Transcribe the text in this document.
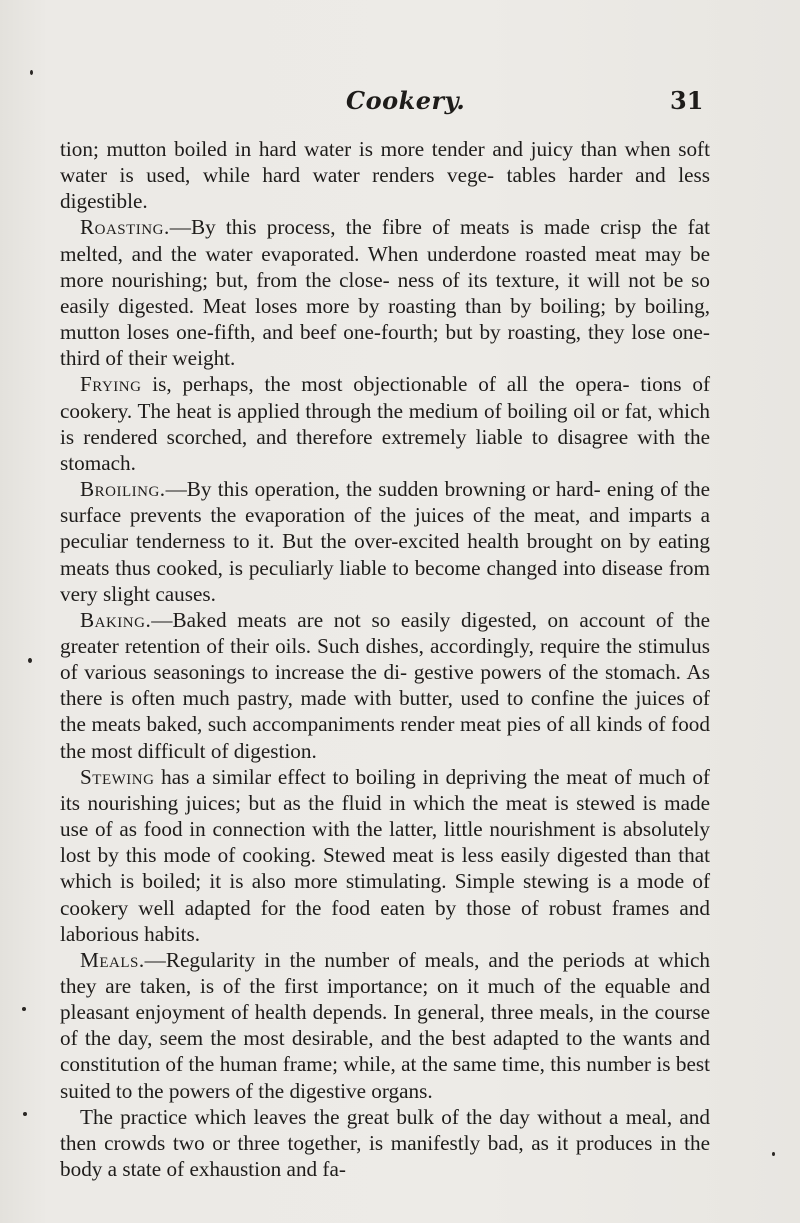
Cookery.	31

tion; mutton boiled in hard water is more tender and juicy than when soft water is used, while hard water renders vege- tables harder and less digestible.

Roasting.—By this process, the fibre of meats is made crisp the fat melted, and the water evaporated. When underdone roasted meat may be more nourishing; but, from the close- ness of its texture, it will not be so easily digested. Meat loses more by roasting than by boiling; by boiling, mutton loses one-fifth, and beef one-fourth; but by roasting, they lose one-third of their weight.

Frying is, perhaps, the most objectionable of all the opera- tions of cookery. The heat is applied through the medium of boiling oil or fat, which is rendered scorched, and therefore extremely liable to disagree with the stomach.

Broiling.—By this operation, the sudden browning or hard- ening of the surface prevents the evaporation of the juices of the meat, and imparts a peculiar tenderness to it. But the over-excited health brought on by eating meats thus cooked, is peculiarly liable to become changed into disease from very slight causes.

Baking.—Baked meats are not so easily digested, on account of the greater retention of their oils. Such dishes, accordingly, require the stimulus of various seasonings to increase the di- gestive powers of the stomach. As there is often much pastry, made with butter, used to confine the juices of the meats baked, such accompaniments render meat pies of all kinds of food the most difficult of digestion.

Stewing has a similar effect to boiling in depriving the meat of much of its nourishing juices; but as the fluid in which the meat is stewed is made use of as food in connection with the latter, little nourishment is absolutely lost by this mode of cooking. Stewed meat is less easily digested than that which is boiled; it is also more stimulating. Simple stewing is a mode of cookery well adapted for the food eaten by those of robust frames and laborious habits.

Meals.—Regularity in the number of meals, and the periods at which they are taken, is of the first importance; on it much of the equable and pleasant enjoyment of health depends. In general, three meals, in the course of the day, seem the most desirable, and the best adapted to the wants and constitution of the human frame; while, at the same time, this number is best suited to the powers of the digestive organs.

The practice which leaves the great bulk of the day without a meal, and then crowds two or three together, is manifestly bad, as it produces in the body a state of exhaustion and fa-
